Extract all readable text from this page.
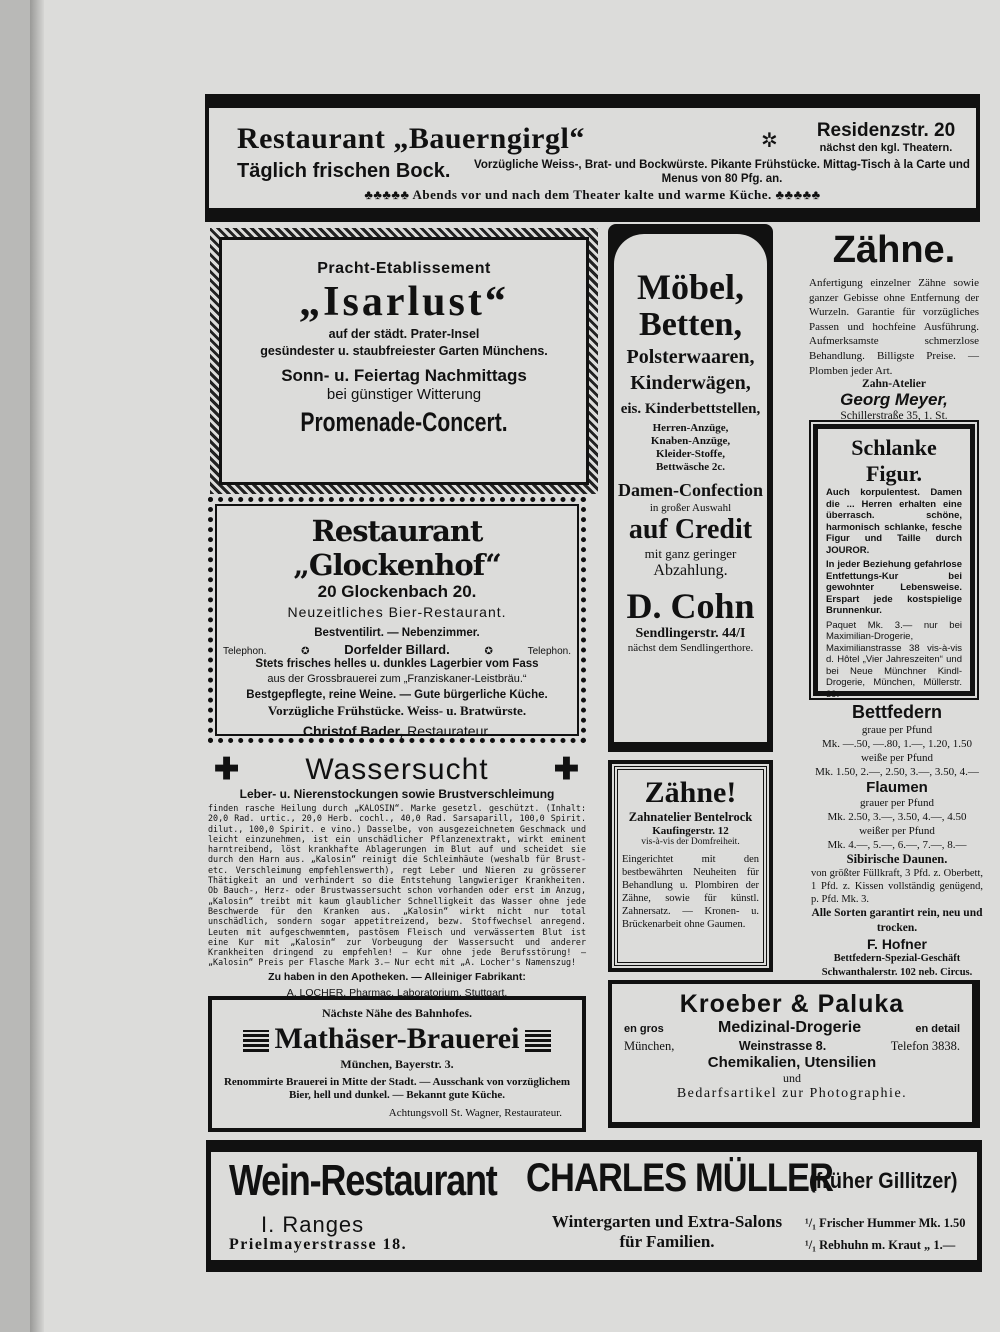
Restaurant „Bauerngirgl“	✲	Residenzstr. 20
nächst den kgl. Theatern.
Täglich frischen Bock.	Vorzügliche Weiss-, Brat- und Bockwürste. Pikante Frühstücke. Mittag-Tisch à la Carte und Menus von 80 Pfg. an.
♣♣♣♣♣ Abends vor und nach dem Theater kalte und warme Küche. ♣♣♣♣♣
Pracht-Etablissement
„Isarlust“
auf der städt. Prater-Insel
gesündester u. staubfreiester Garten Münchens.
Sonn- u. Feiertag Nachmittags
bei günstiger Witterung
Promenade-Concert.
Restaurant „Glockenhof“
20 Glockenbach 20.
Neuzeitliches Bier-Restaurant.
Bestventilirt. — Nebenzimmer.
Telephon.	✪	Dorfelder Billard.	✪	Telephon.
Stets frisches helles u. dunkles Lagerbier vom Fass
aus der Grossbrauerei zum „Franziskaner-Leistbräu.“
Bestgepflegte, reine Weine. — Gute bürgerliche Küche.
Vorzügliche Frühstücke. Weiss- u. Bratwürste.
Christof Bader, Restaurateur.
✚ Wassersucht ✚
Leber- u. Nierenstockungen sowie Brustverschleimung
finden rasche Heilung durch „KALOSIN“. Marke gesetzl. geschützt. (Inhalt: 20,0 Rad. urtic., 20,0 Herb. cochl., 40,0 Rad. Sarsaparill, 100,0 Spirit. dilut., 100,0 Spirit. e vino.) Dasselbe, von ausgezeichnetem Geschmack und leicht einzunehmen, ist ein unschädlicher Pflanzenextrakt, wirkt eminent harntreibend, löst krankhafte Ablagerungen im Blut auf und scheidet sie durch den Harn aus. „Kalosin“ reinigt die Schleimhäute (weshalb für Brust- etc. Verschleimung empfehlenswerth), regt Leber und Nieren zu grösserer Thätigkeit an und verhindert so die Entstehung langwieriger Krankheiten. Ob Bauch-, Herz- oder Brustwassersucht schon vorhanden oder erst im Anzug, „Kalosin“ treibt mit kaum glaublicher Schnelligkeit das Wasser ohne jede Beschwerde für den Kranken aus. „Kalosin“ wirkt nicht nur total unschädlich, sondern sogar appetitreizend, bezw. Stoffwechsel anregend. Leuten mit aufgeschwemmtem, pastösem Fleisch und verwässertem Blut ist eine Kur mit „Kalosin“ zur Vorbeugung der Wassersucht und anderer Krankheiten dringend zu empfehlen! — Kur ohne jede Berufsstörung! — „Kalosin“ Preis per Flasche Mark 3.— Nur echt mit „A. Locher's Namenszug!
Zu haben in den Apotheken. — Alleiniger Fabrikant:
A. LOCHER, Pharmac. Laboratorium, Stuttgart.
Nächste Nähe des Bahnhofes.
Mathäser-Brauerei
München, Bayerstr. 3.
Renommirte Brauerei in Mitte der Stadt. — Ausschank von vorzüglichem Bier, hell und dunkel. — Bekannt gute Küche.
Achtungsvoll St. Wagner, Restaurateur.
Möbel,
Betten,
Polsterwaaren,
Kinderwägen,
eis. Kinderbettstellen,
Herren-Anzüge,
Knaben-Anzüge,
Kleider-Stoffe,
Bettwäsche 2c.
Damen-Confection
in großer Auswahl
auf Credit
mit ganz geringer
Abzahlung.
D. Cohn
Sendlingerstr. 44/I
nächst dem Sendlingerthore.
Zähne.
Anfertigung einzelner Zähne sowie ganzer Gebisse ohne Entfernung der Wurzeln. Garantie für vorzügliches Passen und hochfeine Ausführung. Aufmerksamste schmerzlose Behandlung. Billigste Preise. — Plomben jeder Art.
Zahn-Atelier
Georg Meyer,
Schillerstraße 35, 1. St.
Schlanke Figur.
Auch korpulentest. Damen die ... Herren erhalten eine überrasch. schöne, harmonisch schlanke, fesche Figur und Taille durch JOUROR.
In jeder Beziehung gefahrlose Entfettungs-Kur bei gewohnter Lebensweise. Erspart jede kostspielige Brunnenkur.
Paquet Mk. 3.— nur bei Maximilian-Drogerie, Maximilianstrasse 38 vis-à-vis d. Hôtel „Vier Jahreszeiten“ und bei Neue Münchner Kindl-Drogerie, München, Müllerstr. 39.
Bettfedern
graue per Pfund
Mk. —.50, —.80, 1.—, 1.20, 1.50
weiße per Pfund
Mk. 1.50, 2.—, 2.50, 3.—, 3.50, 4.—
Flaumen
grauer per Pfund
Mk. 2.50, 3.—, 3.50, 4.—, 4.50
weißer per Pfund
Mk. 4.—, 5.—, 6.—, 7.—, 8.—
Sibirische Daunen.
von größter Füllkraft, 3 Pfd. z. Oberbett, 1 Pfd. z. Kissen vollständig genügend, p. Pfd. Mk. 3.
Alle Sorten garantirt rein, neu und trocken.
F. Hofner
Bettfedern-Spezial-Geschäft
Schwanthalerstr. 102 neb. Circus.
Zähne!
Zahnatelier Bentelrock
Kaufingerstr. 12
vis-à-vis der Domfreiheit.
Eingerichtet mit den bestbewährten Neuheiten für Behandlung u. Plombiren der Zähne, sowie für künstl. Zahnersatz. — Kronen- u. Brückenarbeit ohne Gaumen.
Kroeber & Paluka
en gros	Medizinal-Drogerie	en detail
München,	Weinstrasse 8.	Telefon 3838.
Chemikalien, Utensilien
und
Bedarfsartikel zur Photographie.
Wein-Restaurant CHARLES MÜLLER
(früher Gillitzer)
I. Ranges
Prielmayerstrasse 18.
Wintergarten und Extra-Salons
für Familien.
¹/₁ Frischer Hummer Mk. 1.50
¹/₁ Rebhuhn m. Kraut „ 1.—
